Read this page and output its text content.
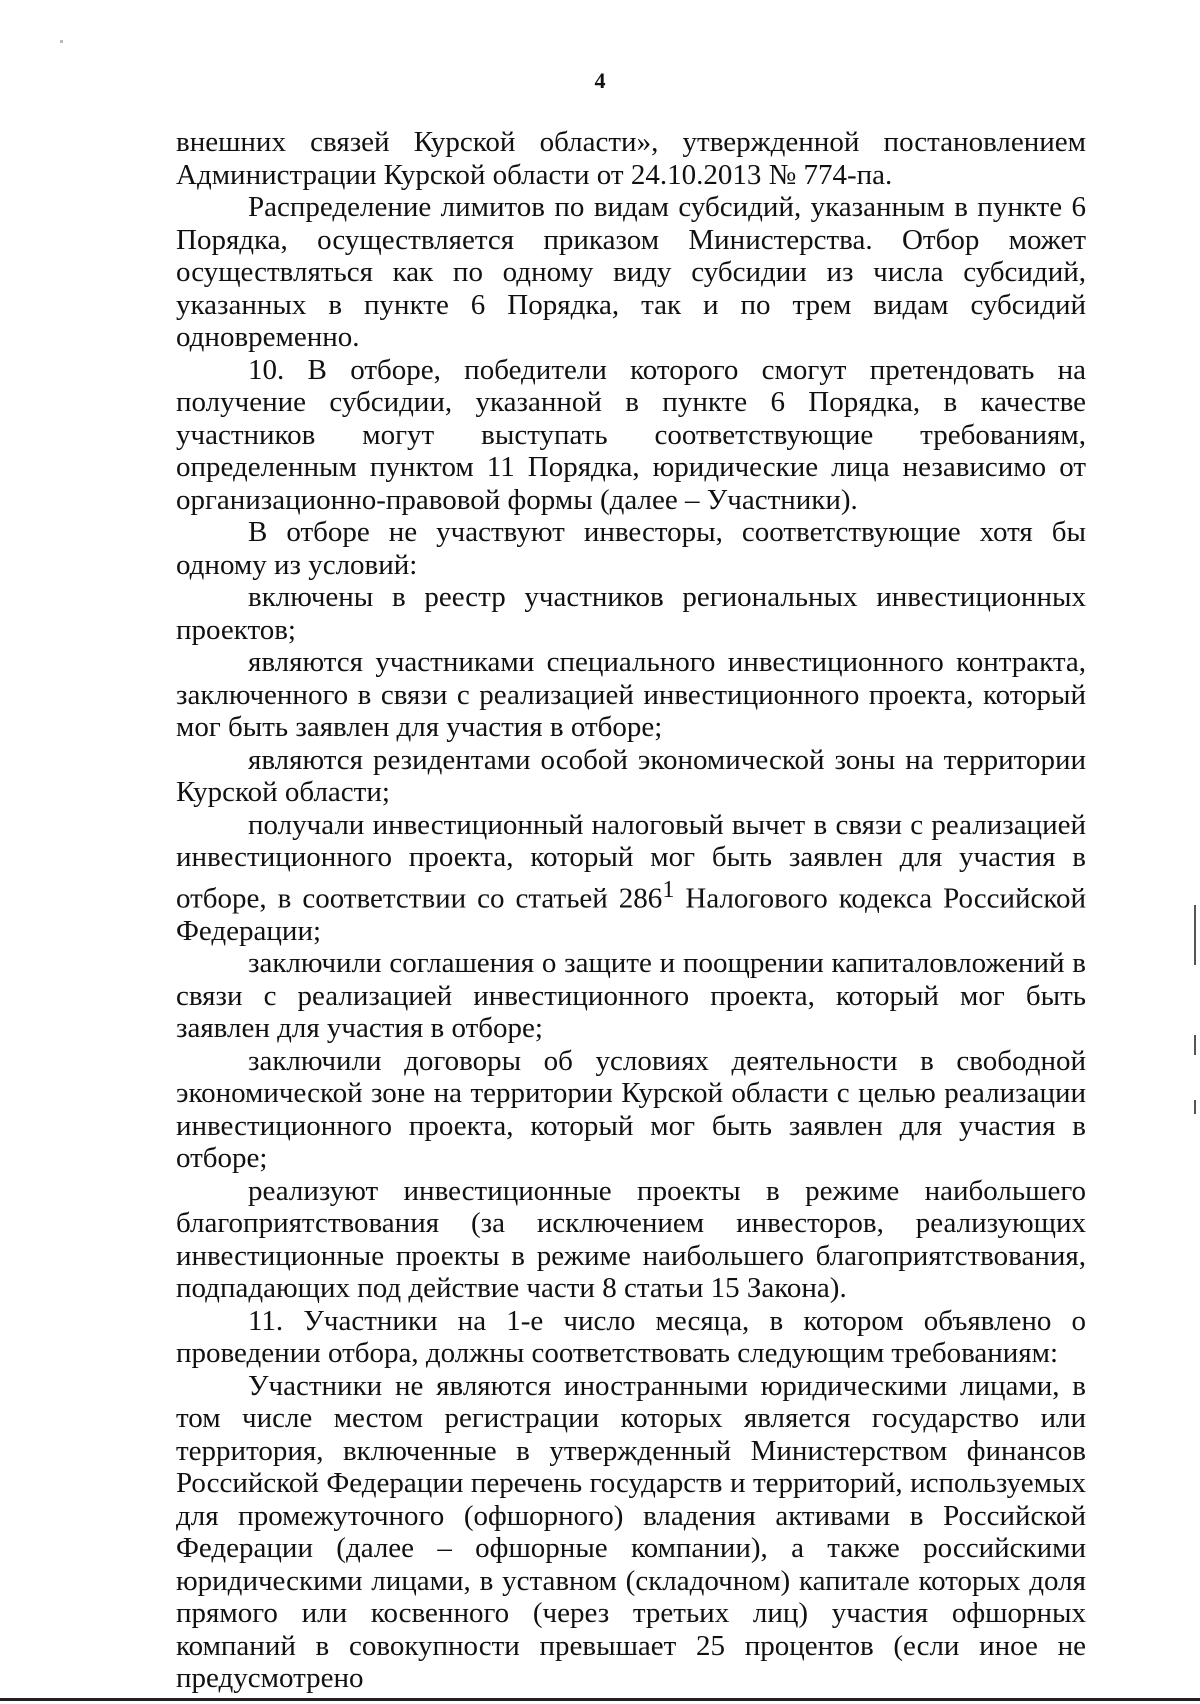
4

внешних связей Курской области», утвержденной постановлением Администрации Курской области от 24.10.2013 № 774-па.

Распределение лимитов по видам субсидий, указанным в пункте 6 Порядка, осуществляется приказом Министерства. Отбор может осуществляться как по одному виду субсидии из числа субсидий, указанных в пункте 6 Порядка, так и по трем видам субсидий одновременно.

10. В отборе, победители которого смогут претендовать на получение субсидии, указанной в пункте 6 Порядка, в качестве участников могут выступать соответствующие требованиям, определенным пунктом 11 Порядка, юридические лица независимо от организационно-правовой формы (далее – Участники).

В отборе не участвуют инвесторы, соответствующие хотя бы одному из условий:

включены в реестр участников региональных инвестиционных проектов;

являются участниками специального инвестиционного контракта, заключенного в связи с реализацией инвестиционного проекта, который мог быть заявлен для участия в отборе;

являются резидентами особой экономической зоны на территории Курской области;

получали инвестиционный налоговый вычет в связи с реализацией инвестиционного проекта, который мог быть заявлен для участия в отборе, в соответствии со статьей $286^1$ Налогового кодекса Российской Федерации;

заключили соглашения о защите и поощрении капиталовложений в связи с реализацией инвестиционного проекта, который мог быть заявлен для участия в отборе;

заключили договоры об условиях деятельности в свободной экономической зоне на территории Курской области с целью реализации инвестиционного проекта, который мог быть заявлен для участия в отборе;

реализуют инвестиционные проекты в режиме наибольшего благоприятствования (за исключением инвесторов, реализующих инвестиционные проекты в режиме наибольшего благоприятствования, подпадающих под действие части 8 статьи 15 Закона).

11. Участники на 1-е число месяца, в котором объявлено о проведении отбора, должны соответствовать следующим требованиям:

Участники не являются иностранными юридическими лицами, в том числе местом регистрации которых является государство или территория, включенные в утвержденный Министерством финансов Российской Федерации перечень государств и территорий, используемых для промежуточного (офшорного) владения активами в Российской Федерации (далее – офшорные компании), а также российскими юридическими лицами, в уставном (складочном) капитале которых доля прямого или косвенного (через третьих лиц) участия офшорных компаний в совокупности превышает 25 процентов (если иное не предусмотрено
